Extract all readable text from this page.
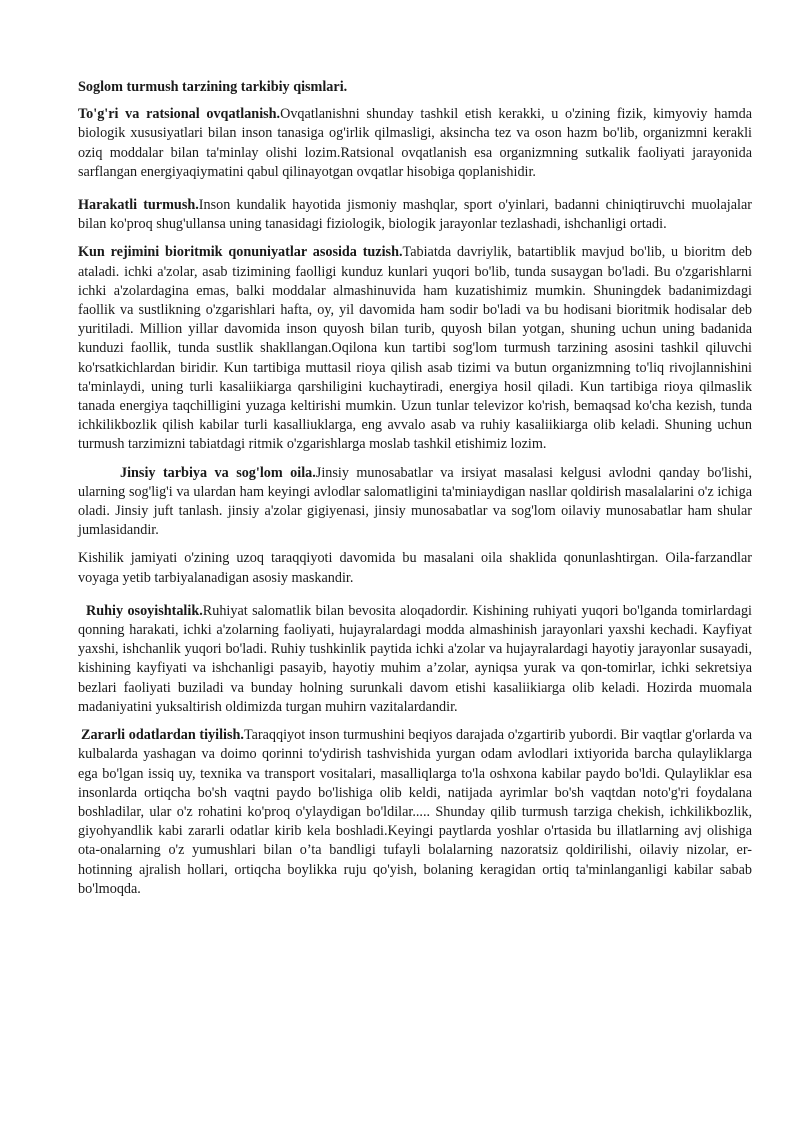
Soglom turmush tarzining tarkibiy qismlari.

To'g'ri va ratsional ovqatlanish.Ovqatlanishni shunday tashkil etish kerakki, u o'zining fizik, kimyoviy hamda biologik xususiyatlari bilan inson tanasiga og'irlik qilmasligi, aksincha tez va oson hazm bo'lib, organizmni kerakli oziq moddalar bilan ta'minlay olishi lozim.Ratsional ovqatlanish esa organizmning sutkalik faoliyati jarayonida sarflangan energiyaqiymatini qabul qilinayotgan ovqatlar hisobiga qoplanishidir.

Harakatli turmush.Inson kundalik hayotida jismoniy mashqlar, sport o'yinlari, badanni chiniqtiruvchi muolajalar bilan ko'proq shug'ullansa uning tanasidagi fiziologik, biologik jarayonlar tezlashadi, ishchanligi ortadi.

Kun rejimini bioritmik qonuniyatlar asosida tuzish.Tabiatda davriylik, batartiblik mavjud bo'lib, u bioritm deb ataladi. ichki a'zolar, asab tizimining faolligi kunduz kunlari yuqori bo'lib, tunda susaygan bo'ladi. Bu o'zgarishlarni ichki a'zolardagina emas, balki moddalar almashinuvida ham kuzatishimiz mumkin. Shuningdek badanimizdagi faollik va sustlikning o'zgarishlari hafta, oy, yil davomida ham sodir bo'ladi va bu hodisani bioritmik hodisalar deb yuritiladi. Million yillar davomida inson quyosh bilan turib, quyosh bilan yotgan, shuning uchun uning badanida kunduzi faollik, tunda sustlik shakllangan.Oqilona kun tartibi sog'lom turmush tarzining asosini tashkil qiluvchi ko'rsatkichlardan biridir. Kun tartibiga muttasil rioya qilish asab tizimi va butun organizmning to'liq rivojlannishini ta'minlaydi, uning turli kasaliikiarga qarshiligini kuchaytiradi, energiya hosil qiladi. Kun tartibiga rioya qilmaslik tanada energiya taqchilligini yuzaga keltirishi mumkin. Uzun tunlar televizor ko'rish, bemaqsad ko'cha kezish, tunda ichkilikbozlik qilish kabilar turli kasalliuklarga, eng avvalo asab va ruhiy kasaliikiarga olib keladi. Shuning uchun turmush tarzimizni tabiatdagi ritmik o'zgarishlarga moslab tashkil etishimiz lozim.

Jinsiy tarbiya va sog'lom oila.Jinsiy munosabatlar va irsiyat masalasi kelgusi avlodni qanday bo'lishi, ularning sog'lig'i va ulardan ham keyingi avlodlar salomatligini ta'miniaydigan nasllar qoldirish masalalarini o'z ichiga oladi. Jinsiy juft tanlash. jinsiy a'zolar gigiyenasi, jinsiy munosabatlar va sog'lom oilaviy munosabatlar ham shular jumlasidandir.

Kishilik jamiyati o'zining uzoq taraqqiyoti davomida bu masalani oila shaklida qonunlashtirgan. Oila-farzandlar voyaga yetib tarbiyalanadigan asosiy maskandir.

Ruhiy osoyishtalik.Ruhiyat salomatlik bilan bevosita aloqadordir. Kishining ruhiyati yuqori bo'lganda tomirlardagi qonning harakati, ichki a'zolarning faoliyati, hujayralardagi modda almashinish jarayonlari yaxshi kechadi. Kayfiyat yaxshi, ishchanlik yuqori bo'ladi. Ruhiy tushkinlik paytida ichki a'zolar va hujayralardagi hayotiy jarayonlar susayadi, kishining kayfiyati va ishchanligi pasayib, hayotiy muhim a’zolar, ayniqsa yurak va qon-tomirlar, ichki sekretsiya bezlari faoliyati buziladi va bunday holning surunkali davom etishi kasaliikiarga olib keladi. Hozirda muomala madaniyatini yuksaltirish oldimizda turgan muhirn vazitalardandir.

Zararli odatlardan tiyilish.Taraqqiyot inson turmushini beqiyos darajada o'zgartirib yubordi. Bir vaqtlar g'orlarda va kulbalarda yashagan va doimo qorinni to'ydirish tashvishida yurgan odam avlodlari ixtiyorida barcha qulayliklarga ega bo'lgan issiq uy, texnika va transport vositalari, masalliqlarga to'la oshxona kabilar paydo bo'ldi. Qulayliklar esa insonlarda ortiqcha bo'sh vaqtni paydo bo'lishiga olib keldi, natijada ayrimlar bo'sh vaqtdan noto'g'ri foydalana boshladilar, ular o'z rohatini ko'proq o'ylaydigan bo'ldilar..... Shunday qilib turmush tarziga chekish, ichkilikbozlik, giyohyandlik kabi zararli odatlar kirib kela boshladi.Keyingi paytlarda yoshlar o'rtasida bu illatlarning avj olishiga ota-onalarning o'z yumushlari bilan o’ta bandligi tufayli bolalarning nazoratsiz qoldirilishi, oilaviy nizolar, er-hotinning ajralish hollari, ortiqcha boylikka ruju qo'yish, bolaning keragidan ortiq ta'minlanganligi kabilar sabab bo'lmoqda.
